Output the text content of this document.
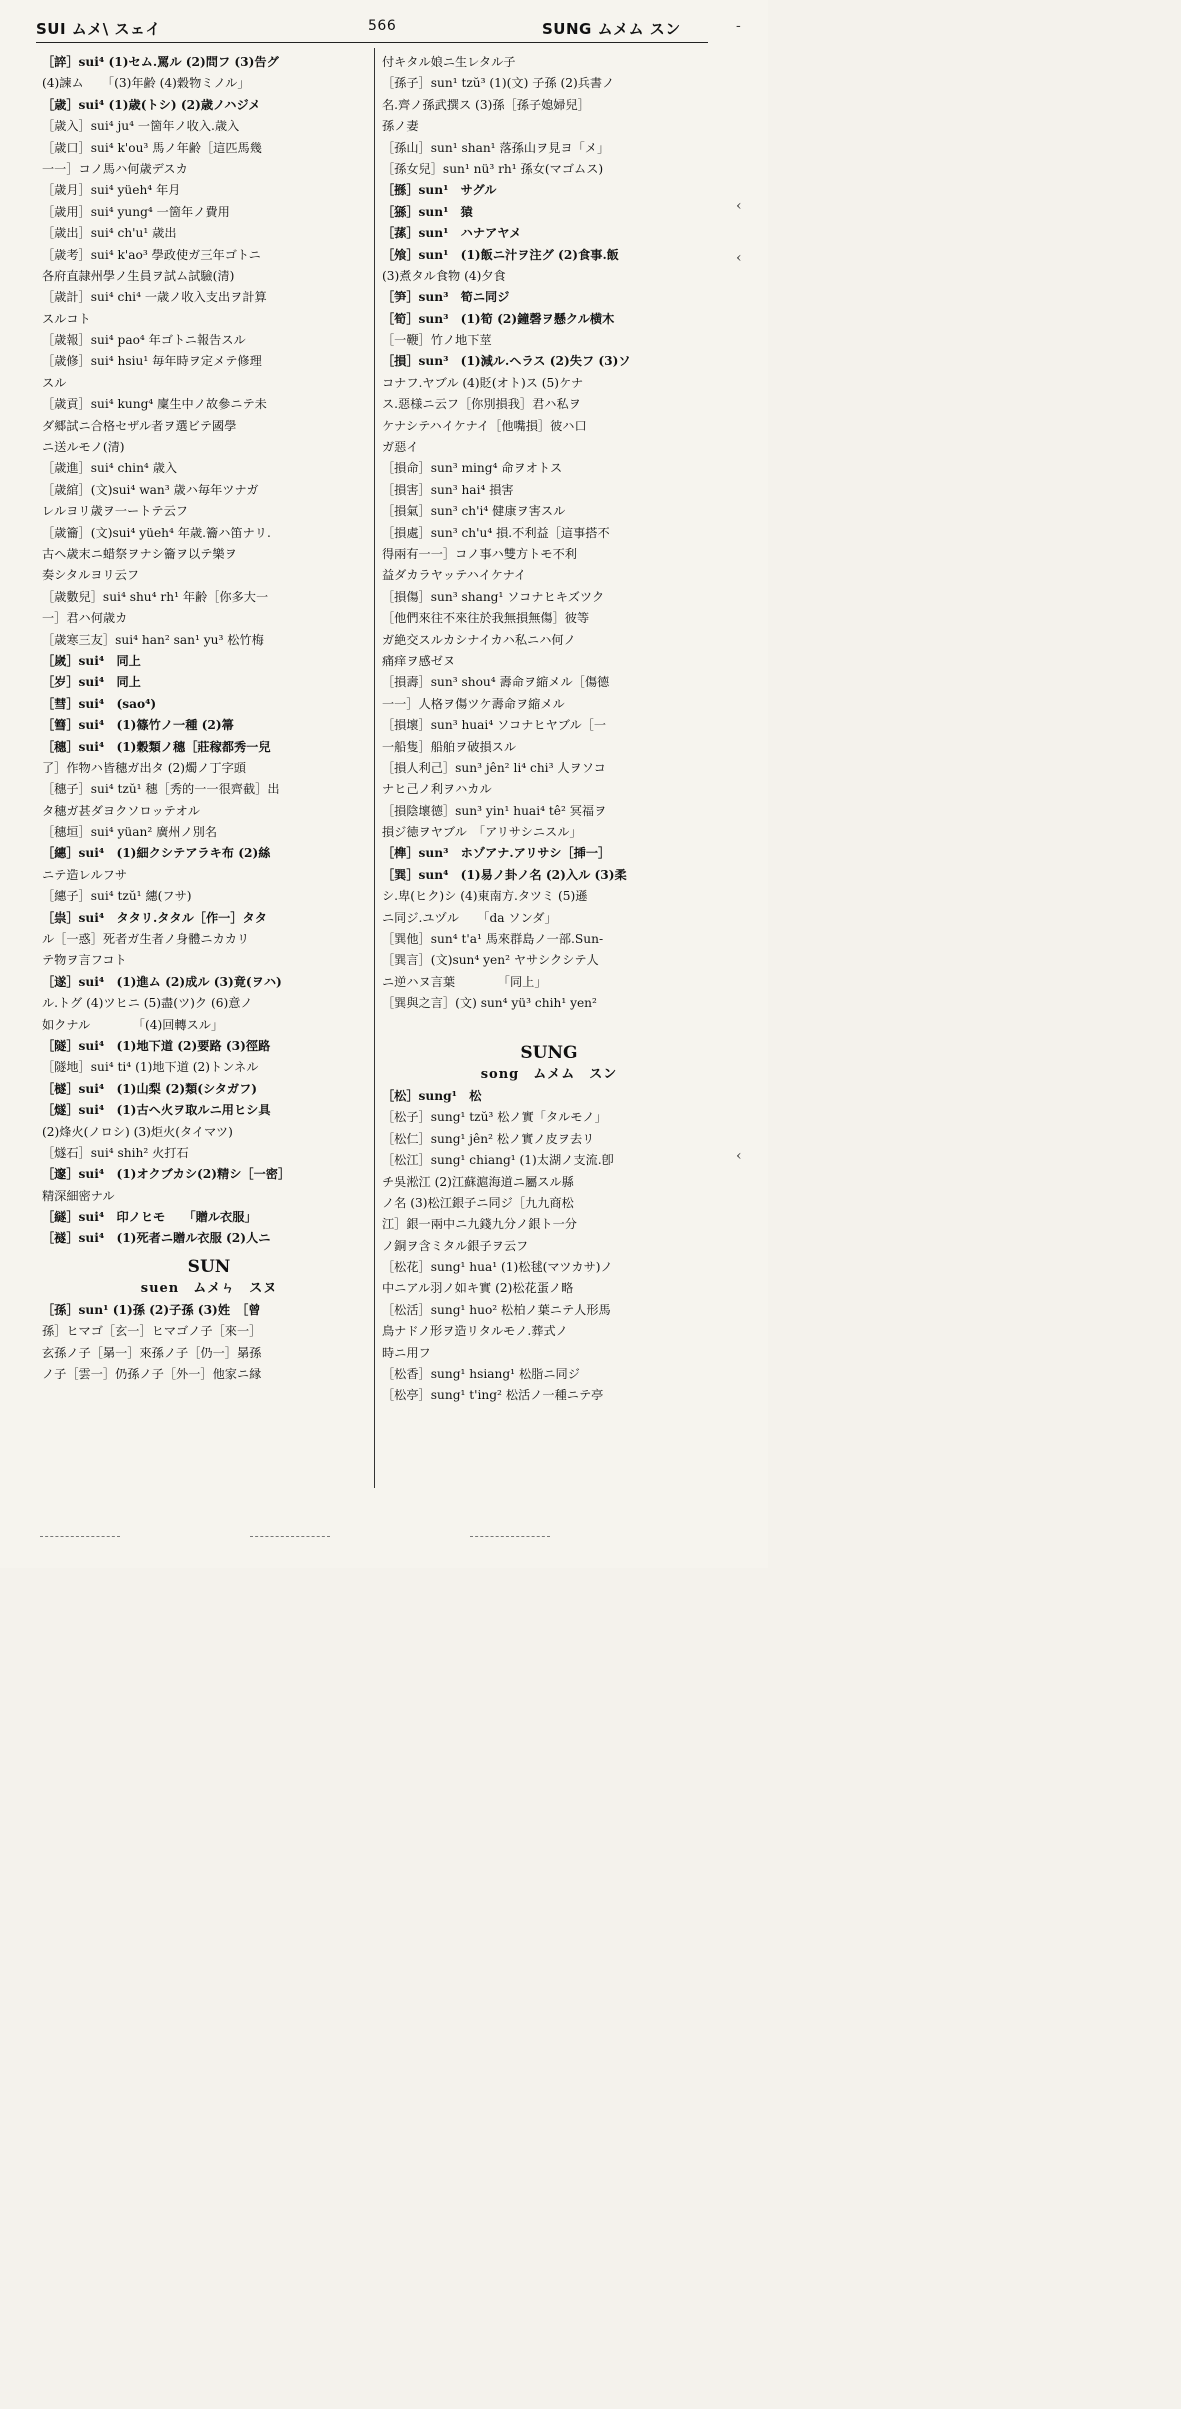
SUI ムメ\ スェイ	566	SUNG ムメム スン
［誶］sui⁴ (1)セム.罵ル (2)問フ (3)告グ
(4)諫ム　　「(3)年齢 (4)穀物ミノル」
［歳］sui⁴ (1)歳(トシ) (2)歳ノハジメ
［歳入］sui⁴ ju⁴ 一箇年ノ收入.歳入
［歳口］sui⁴ k'ou³ 馬ノ年齢［這匹馬幾
一一］コノ馬ハ何歳デスカ
［歳月］sui⁴ yüeh⁴ 年月
［歳用］sui⁴ yung⁴ 一箇年ノ費用
［歳出］sui⁴ ch'u¹ 歳出
［歳考］sui⁴ k'ao³ 學政使ガ三年ゴトニ
各府直隷州學ノ生員ヲ試ム試驗(清)
［歳計］sui⁴ chi⁴ 一歳ノ收入支出ヲ計算
スルコト
［歳報］sui⁴ pao⁴ 年ゴトニ報告スル
［歳修］sui⁴ hsiu¹ 毎年時ヲ定メテ修理
スル
［歳貢］sui⁴ kung⁴ 廩生中ノ故參ニテ未
ダ郷試ニ合格セザル者ヲ選ビテ國學
ニ送ルモノ(清)
［歳進］sui⁴ chin⁴ 歳入
［歳綰］(文)sui⁴ wan³ 歳ハ毎年ツナガ
レルヨリ歳ヲ一ートテ云フ
［歳籥］(文)sui⁴ yüeh⁴ 年歳.籥ハ笛ナリ.
古ヘ歳末ニ蜡祭ヲナシ籥ヲ以テ樂ヲ
奏シタルヨリ云フ
［歳數兒］sui⁴ shu⁴ rh¹ 年齢［你多大一
一］君ハ何歳カ
［歳寒三友］sui⁴ han² san¹ yu³ 松竹梅
［嵗］sui⁴　同上
［岁］sui⁴　同上
［彗］sui⁴　(sao⁴)
［篲］sui⁴　(1)篠竹ノ一種 (2)箒
［穗］sui⁴　(1)穀類ノ穗［莊稼都秀一兒
了］作物ハ皆穗ガ出タ (2)燭ノ丁字頭
［穗子］sui⁴ tzŭ¹ 穗［秀的一一很齊截］出
タ穗ガ甚ダヨクソロッテオル
［穗垣］sui⁴ yüan² 廣州ノ別名
［繐］sui⁴　(1)細クシテアラキ布 (2)絲
ニテ造レルフサ
［繐子］sui⁴ tzŭ¹ 繐(フサ)
［祟］sui⁴　タタリ.タタル［作一］タタ
ル［一惑］死者ガ生者ノ身體ニカカリ
テ物ヲ言フコト
［遂］sui⁴　(1)進ム (2)成ル (3)竟(ヲハ)
ル.トグ (4)ツヒニ (5)盡(ツ)ク (6)意ノ
如クナル　　　　「(4)回轉スル」
［隧］sui⁴　(1)地下道 (2)要路 (3)徑路
［隧地］sui⁴ ti⁴ (1)地下道 (2)トンネル
［檖］sui⁴　(1)山梨 (2)類(シタガフ)
［燧］sui⁴　(1)古ヘ火ヲ取ルニ用ヒシ具
(2)烽火(ノロシ) (3)炬火(タイマツ)
［燧石］sui⁴ shih² 火打石
［邃］sui⁴　(1)オクブカシ(2)精シ［一密］
精深細密ナル
［繸］sui⁴　印ノヒモ　　「贈ル衣服」
［襚］sui⁴　(1)死者ニ贈ル衣服 (2)人ニ
SUN
suen　ムメㄣ　スヌ
［孫］sun¹ (1)孫 (2)子孫 (3)姓　［曾
孫］ヒマゴ［玄一］ヒマゴノ子［來一］
玄孫ノ子［晜一］來孫ノ子［仍一］晜孫
ノ子［雲一］仍孫ノ子［外一］他家ニ縁
付キタル娘ニ生レタル子
［孫子］sun¹ tzŭ³ (1)(文) 子孫 (2)兵書ノ
名.齊ノ孫武撰ス (3)孫［孫子媳婦兒］
孫ノ妻
［孫山］sun¹ shan¹ 落孫山ヲ見ヨ「メ」
［孫女兒］sun¹ nü³ rh¹ 孫女(マゴムス)
［搎］sun¹　サグル
［猻］sun¹　猿
［蓀］sun¹　ハナアヤメ
［飧］sun¹　(1)飯ニ汁ヲ注グ (2)食事.飯
(3)煮タル食物 (4)夕食
［笋］sun³　筍ニ同ジ
［筍］sun³　(1)筍 (2)鐘磬ヲ懸クル横木
［一鞭］竹ノ地下莖
［損］sun³　(1)減ル.ヘラス (2)失フ (3)ソ
コナフ.ヤブル (4)貶(オト)ス (5)ケナ
ス.惡様ニ云フ［你別損我］君ハ私ヲ
ケナシテハイケナイ［他嘴損］彼ハ口
ガ惡イ
［損命］sun³ ming⁴ 命ヲオトス
［損害］sun³ hai⁴ 損害
［損氣］sun³ ch'i⁴ 健康ヲ害スル
［損處］sun³ ch'u⁴ 損.不利益［這事搭不
得兩有一一］コノ事ハ雙方トモ不利
益ダカラヤッテハイケナイ
［損傷］sun³ shang¹ ソコナヒキズツク
［他們來往不來往於我無損無傷］彼等
ガ絶交スルカシナイカハ私ニハ何ノ
痛痒ヲ感ゼヌ
［損壽］sun³ shou⁴ 壽命ヲ縮メル［傷德
一一］人格ヲ傷ツケ壽命ヲ縮メル
［損壞］sun³ huai⁴ ソコナヒヤブル［一
一船隻］船舶ヲ破損スル
［損人利己］sun³ jên² li⁴ chi³ 人ヲソコ
ナヒ己ノ利ヲハカル
［損陰壞德］sun³ yin¹ huai⁴ tê² 冥福ヲ
損ジ徳ヲヤブル　「アリサシニスル」
［榫］sun³　ホゾアナ.アリサシ［揷一］
［巽］sun⁴　(1)易ノ卦ノ名 (2)入ル (3)柔
シ.卑(ヒク)シ (4)東南方.タツミ (5)遜
ニ同ジ.ユヅル　　「da ソンダ」
［巽他］sun⁴ t'a¹ 馬來群島ノ一部.Sun-
［巽言］(文)sun⁴ yen² ヤサシクシテ人
ニ逆ハヌ言葉　　　　「同上」
［巽與之言］(文) sun⁴ yü³ chih¹ yen²
SUNG
song　ムメム　スン
［松］sung¹　松
［松子］sung¹ tzŭ³ 松ノ實「タルモノ」
［松仁］sung¹ jên² 松ノ實ノ皮ヲ去リ
［松江］sung¹ chiang¹ (1)太湖ノ支流.卽
チ吳淞江 (2)江蘇滬海道ニ屬スル縣
ノ名 (3)松江銀子ニ同ジ［九九商松
江］銀一兩中ニ九錢九分ノ銀ト一分
ノ銅ヲ含ミタル銀子ヲ云フ
［松花］sung¹ hua¹ (1)松毬(マツカサ)ノ
中ニアル羽ノ如キ實 (2)松花蛋ノ略
［松活］sung¹ huo² 松柏ノ葉ニテ人形馬
鳥ナドノ形ヲ造リタルモノ.葬式ノ
時ニ用フ
［松香］sung¹ hsiang¹ 松脂ニ同ジ
［松亭］sung¹ t'ing² 松活ノ一種ニテ亭
-
‹
‹
‹
